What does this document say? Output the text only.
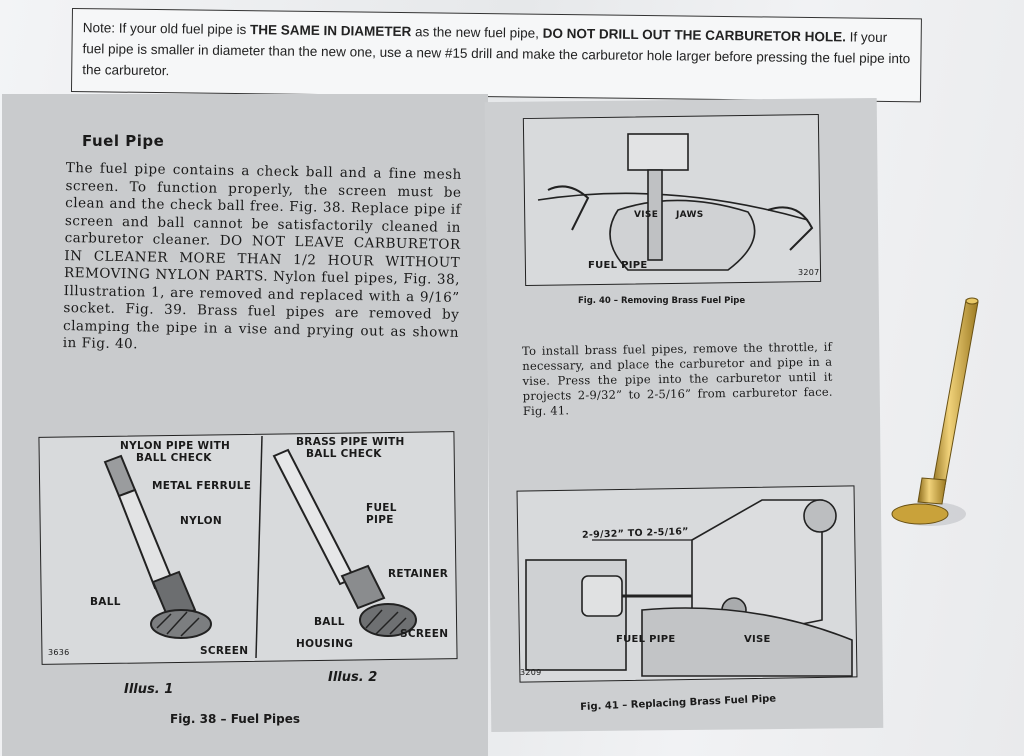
Note: If your old fuel pipe is THE SAME IN DIAMETER as the new fuel pipe, DO NOT DRILL OUT THE CARBURETOR HOLE. If your fuel pipe is smaller in diameter than the new one, use a new #15 drill and make the carburetor hole larger before pressing the fuel pipe into the carburetor.
Fuel Pipe
The fuel pipe contains a check ball and a fine mesh screen. To function properly, the screen must be clean and the check ball free. Fig. 38. Replace pipe if screen and ball cannot be satisfactorily cleaned in carburetor cleaner. DO NOT LEAVE CARBURETOR IN CLEANER MORE THAN 1/2 HOUR WITHOUT REMOVING NYLON PARTS. Nylon fuel pipes, Fig. 38, Illustration 1, are removed and replaced with a 9/16” socket. Fig. 39. Brass fuel pipes are removed by clamping the pipe in a vise and prying out as shown in Fig. 40.	To install brass fuel pipes, remove the throttle, if necessary, and place the carburetor and pipe in a vise. Press the pipe into the carburetor until it projects 2-9/32” to 2-5/16” from carburetor face. Fig. 41.
NYLON PIPE WITH
BALL CHECK
METAL FERRULE
NYLON
BALL
SCREEN
3636
Illus. 1
BRASS PIPE WITH
BALL CHECK
FUEL
PIPE
RETAINER
BALL
HOUSING
SCREEN
Illus. 2
Fig. 38 – Fuel Pipes
VISE JAWS
FUEL PIPE
3207
Fig. 40 – Removing Brass Fuel Pipe
2-9/32” TO 2-5/16”
FUEL PIPE	VISE
3209
Fig. 41 – Replacing Brass Fuel Pipe
